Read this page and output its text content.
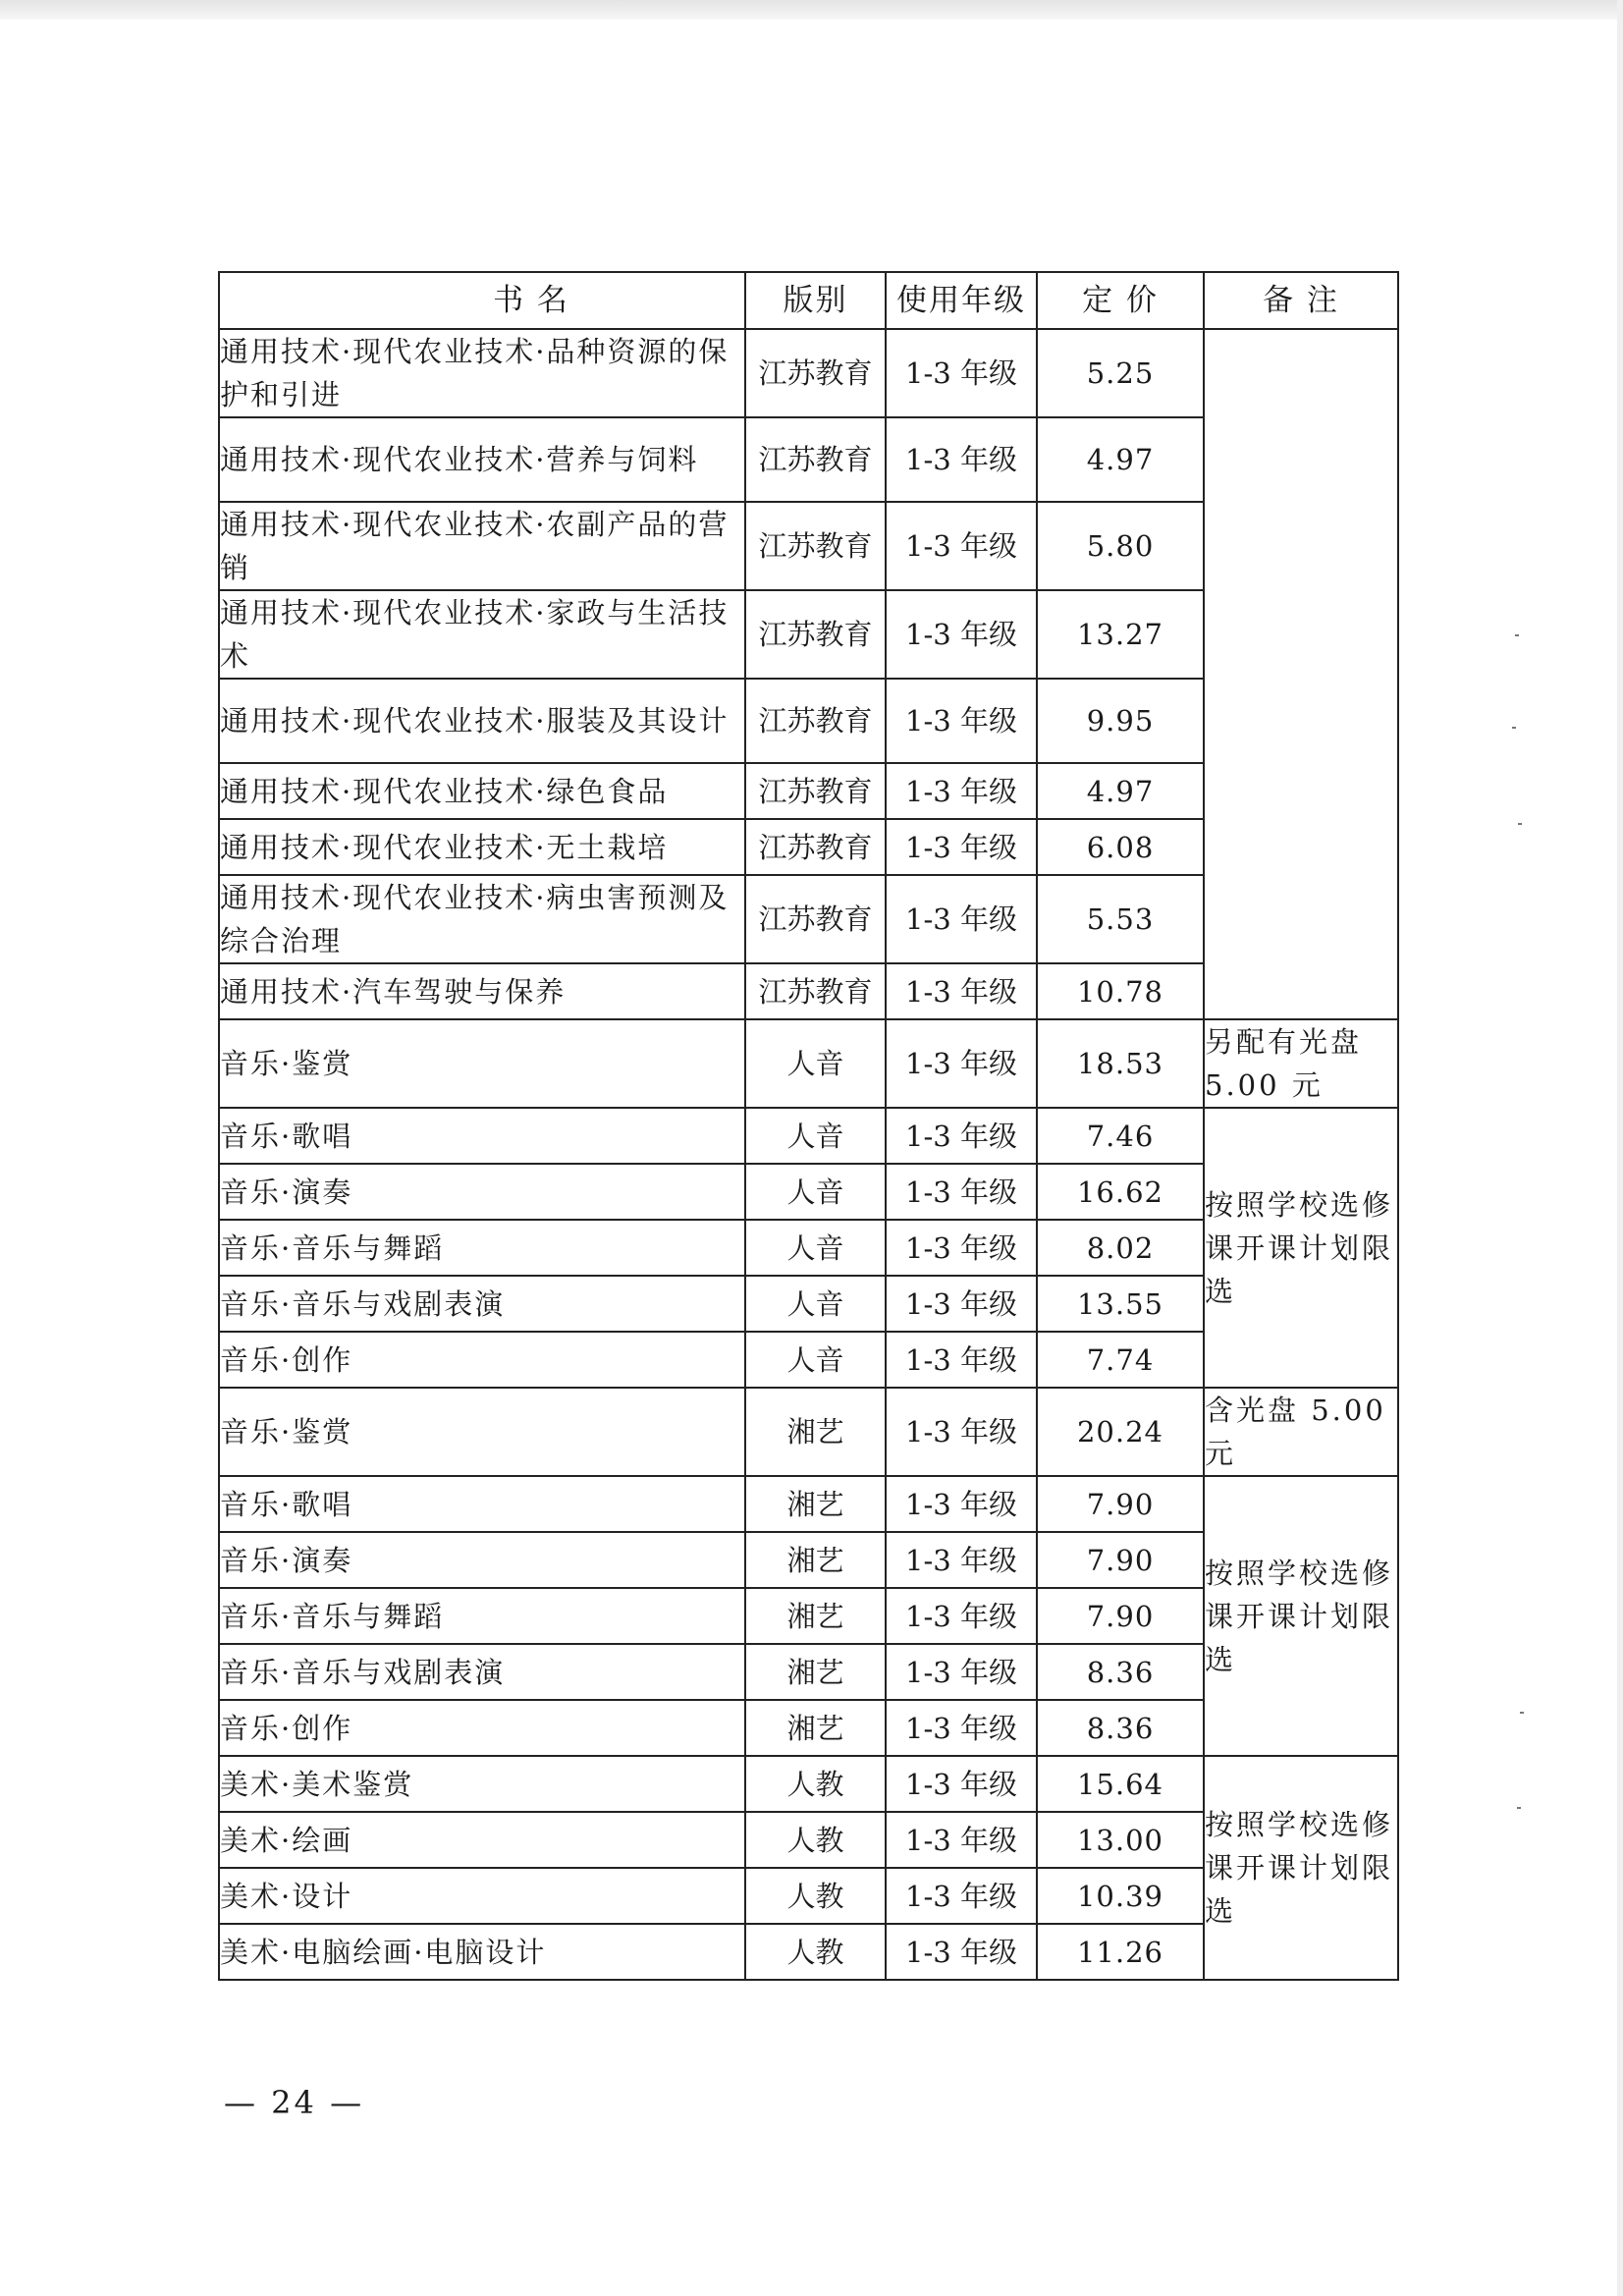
书 名	版别	使用年级	定 价	备 注
通用技术·现代农业技术·品种资源的保护和引进	江苏教育	1-3 年级	5.25	
通用技术·现代农业技术·营养与饲料	江苏教育	1-3 年级	4.97	
通用技术·现代农业技术·农副产品的营销	江苏教育	1-3 年级	5.80	
通用技术·现代农业技术·家政与生活技术	江苏教育	1-3 年级	13.27	
通用技术·现代农业技术·服装及其设计	江苏教育	1-3 年级	9.95	
通用技术·现代农业技术·绿色食品	江苏教育	1-3 年级	4.97	
通用技术·现代农业技术·无土栽培	江苏教育	1-3 年级	6.08	
通用技术·现代农业技术·病虫害预测及综合治理	江苏教育	1-3 年级	5.53	
通用技术·汽车驾驶与保养	江苏教育	1-3 年级	10.78	
音乐·鉴赏	人音	1-3 年级	18.53	另配有光盘 5.00 元
音乐·歌唱	人音	1-3 年级	7.46	按照学校选修课开课计划限选
音乐·演奏	人音	1-3 年级	16.62	
音乐·音乐与舞蹈	人音	1-3 年级	8.02	
音乐·音乐与戏剧表演	人音	1-3 年级	13.55	
音乐·创作	人音	1-3 年级	7.74	
音乐·鉴赏	湘艺	1-3 年级	20.24	含光盘 5.00 元
音乐·歌唱	湘艺	1-3 年级	7.90	按照学校选修课开课计划限选
音乐·演奏	湘艺	1-3 年级	7.90	
音乐·音乐与舞蹈	湘艺	1-3 年级	7.90	
音乐·音乐与戏剧表演	湘艺	1-3 年级	8.36	
音乐·创作	湘艺	1-3 年级	8.36	
美术·美术鉴赏	人教	1-3 年级	15.64	按照学校选修课开课计划限选
美术·绘画	人教	1-3 年级	13.00	
美术·设计	人教	1-3 年级	10.39	
美术·电脑绘画·电脑设计	人教	1-3 年级	11.26	
— 24 —
